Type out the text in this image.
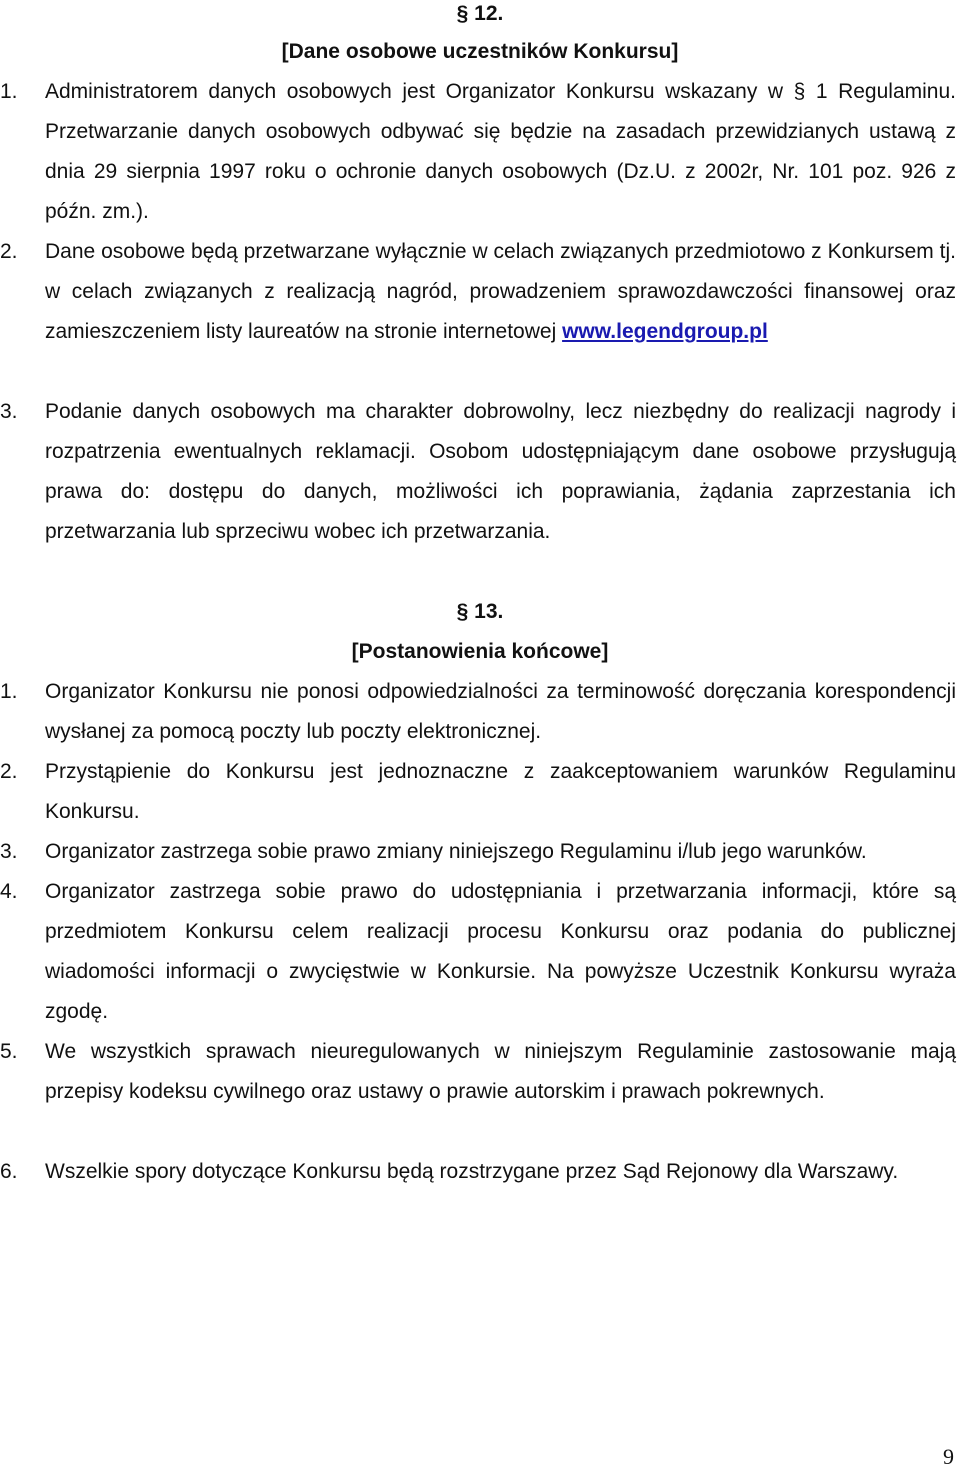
§ 12.
[Dane osobowe uczestników Konkursu]
1.	Administratorem danych osobowych jest Organizator Konkursu wskazany w § 1 Regulaminu. Przetwarzanie danych osobowych odbywać się będzie na zasadach przewidzianych ustawą z dnia 29 sierpnia 1997 roku o ochronie danych osobowych (Dz.U. z 2002r, Nr. 101 poz. 926 z późn. zm.).
2.	Dane osobowe będą przetwarzane wyłącznie w celach związanych przedmiotowo z Konkursem tj. w celach związanych z realizacją nagród, prowadzeniem sprawozdawczości finansowej oraz zamieszczeniem listy laureatów na stronie internetowej www.legendgroup.pl
3.	Podanie danych osobowych ma charakter dobrowolny, lecz niezbędny do realizacji nagrody i rozpatrzenia ewentualnych reklamacji. Osobom udostępniającym dane osobowe przysługują prawa do: dostępu do danych, możliwości ich poprawiania, żądania zaprzestania ich przetwarzania lub sprzeciwu wobec ich przetwarzania.
§ 13.
[Postanowienia końcowe]
1.	Organizator Konkursu nie ponosi odpowiedzialności za terminowość doręczania korespondencji wysłanej za pomocą poczty lub poczty elektronicznej.
2.	Przystąpienie do Konkursu jest jednoznaczne z zaakceptowaniem warunków Regulaminu Konkursu.
3.	Organizator zastrzega sobie prawo zmiany niniejszego Regulaminu i/lub jego warunków.
4.	Organizator zastrzega sobie prawo do udostępniania i przetwarzania informacji, które są przedmiotem Konkursu celem realizacji procesu Konkursu oraz podania do publicznej wiadomości informacji o zwycięstwie w Konkursie. Na powyższe Uczestnik Konkursu wyraża zgodę.
5.	We wszystkich sprawach nieuregulowanych w niniejszym Regulaminie zastosowanie mają przepisy kodeksu cywilnego oraz ustawy o prawie autorskim i prawach pokrewnych.
6.	Wszelkie spory dotyczące Konkursu będą rozstrzygane przez Sąd Rejonowy dla Warszawy.
9
